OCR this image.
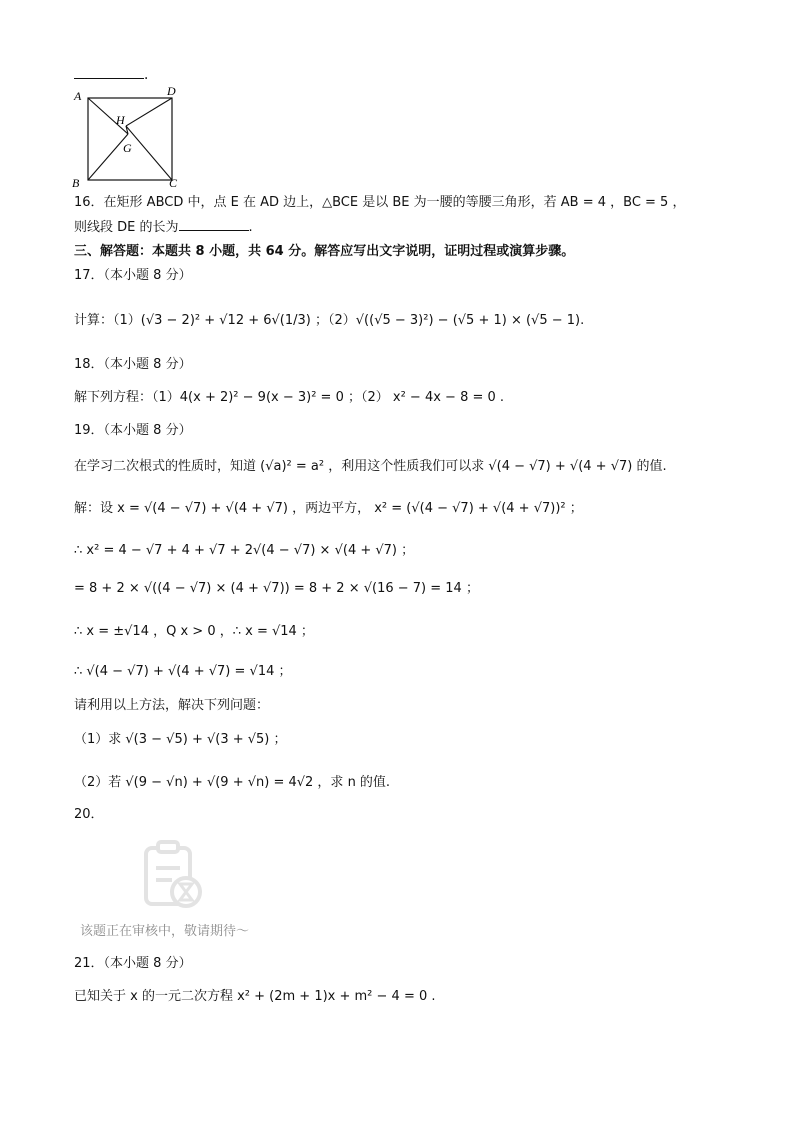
.
A	D
B	C
H
G
16．在矩形 ABCD 中，点 E 在 AD 边上，△BCE 是以 BE 为一腰的等腰三角形，若 AB = 4 ，BC = 5 ，
则线段 DE 的长为	.
三、解答题：本题共 8 小题，共 64 分。解答应写出文字说明，证明过程或演算步骤。
17．（本小题 8 分）
计算：（1）(√3 − 2)² + √12 + 6√(1/3) ；（2）√((√5 − 3)²) − (√5 + 1) × (√5 − 1).
18．（本小题 8 分）
解下列方程：（1）4(x + 2)² − 9(x − 3)² = 0 ；（2） x² − 4x − 8 = 0 .
19．（本小题 8 分）
在学习二次根式的性质时，知道 (√a)² = a² ，利用这个性质我们可以求 √(4 − √7) + √(4 + √7) 的值.
解：设 x = √(4 − √7) + √(4 + √7) ，两边平方， x² = (√(4 − √7) + √(4 + √7))² ；
∴ x² = 4 − √7 + 4 + √7 + 2√(4 − √7) × √(4 + √7) ；
= 8 + 2 × √((4 − √7) × (4 + √7)) = 8 + 2 × √(16 − 7) = 14 ；
∴ x = ±√14 ，Q x > 0 ，∴ x = √14 ；
∴ √(4 − √7) + √(4 + √7) = √14 ；
请利用以上方法，解决下列问题：
（1）求 √(3 − √5) + √(3 + √5) ；
（2）若 √(9 − √n) + √(9 + √n) = 4√2 ，求 n 的值.
20．
该题正在审核中，敬请期待～
21．（本小题 8 分）
已知关于 x 的一元二次方程 x² + (2m + 1)x + m² − 4 = 0 .
